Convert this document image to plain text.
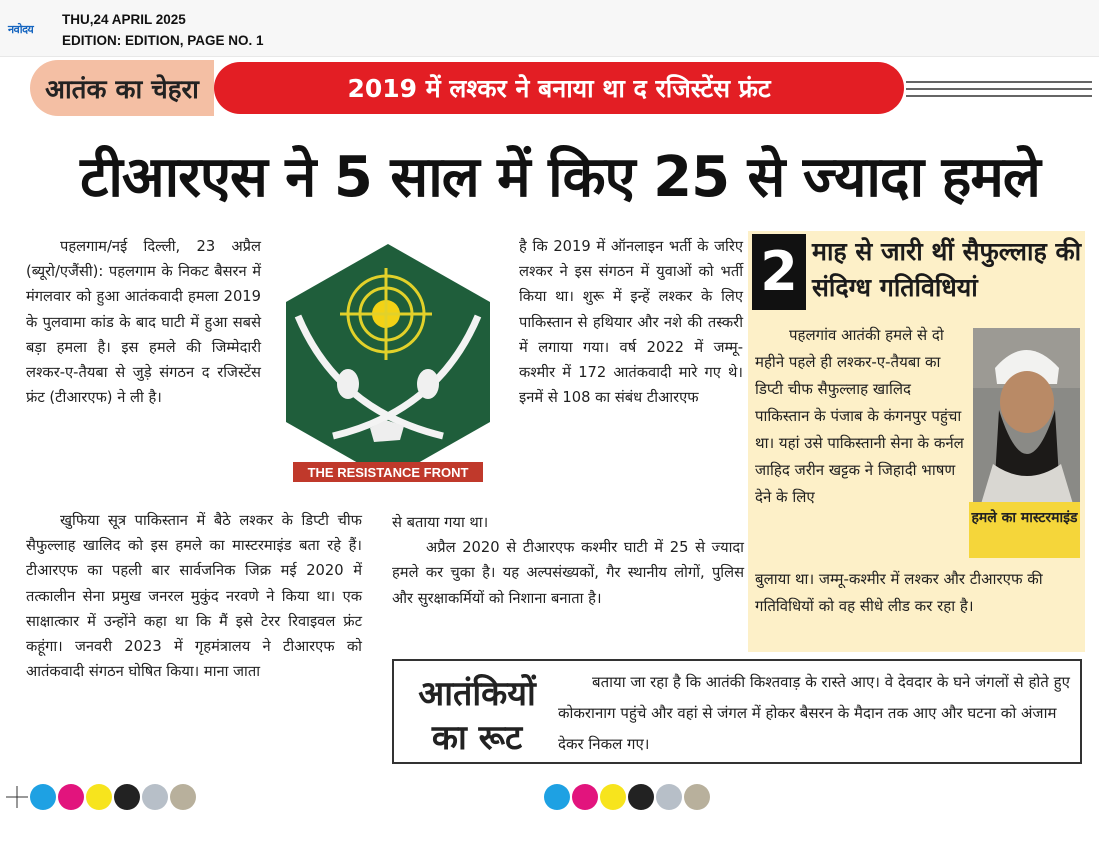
नवोदय
THU,24 APRIL 2025
EDITION: EDITION, PAGE NO. 1
आतंक का चेहरा	2019 में लश्कर ने बनाया था द रजिस्टेंस फ्रंट
टीआरएस ने 5 साल में किए 25 से ज्यादा हमले
पहलगाम/नई दिल्ली, 23 अप्रैल (ब्यूरो/एजैंसी): पहलगाम के निकट बैसरन में मंगलवार को हुआ आतंकवादी हमला 2019 के पुलवामा कांड के बाद घाटी में हुआ सबसे बड़ा हमला है। इस हमले की जिम्मेदारी लश्कर-ए-तैयबा से जुड़े संगठन द रजिस्टेंस फ्रंट (टीआरएफ) ने ली है।
खुफिया सूत्र पाकिस्तान में बैठे लश्कर के डिप्टी चीफ सैफुल्लाह खालिद को इस हमले का मास्टरमाइंड बता रहे हैं। टीआरएफ का पहली बार सार्वजनिक जिक्र मई 2020 में तत्कालीन सेना प्रमुख जनरल मुकुंद नरवणे ने किया था। एक साक्षात्कार में उन्होंने कहा था कि मैं इसे टेरर रिवाइवल फ्रंट कहूंगा। जनवरी 2023 में गृहमंत्रालय ने टीआरएफ को आतंकवादी संगठन घोषित किया। माना जाता
THE RESISTANCE FRONT
है कि 2019 में ऑनलाइन भर्ती के जरिए लश्कर ने इस संगठन में युवाओं को भर्ती किया था। शुरू में इन्हें लश्कर के लिए पाकिस्तान से हथियार और नशे की तस्करी में लगाया गया। वर्ष 2022 में जम्मू-कश्मीर में 172 आतंकवादी मारे गए थे। इनमें से 108 का संबंध टीआरएफ
से बताया गया था।
अप्रैल 2020 से टीआरएफ कश्मीर घाटी में 25 से ज्यादा हमले कर चुका है। यह अल्पसंख्यकों, गैर स्थानीय लोगों, पुलिस और सुरक्षाकर्मियों को निशाना बनाता है।
2 माह से जारी थीं सैफुल्लाह की संदिग्ध गतिविधियां
पहलगांव आतंकी हमले से दो महीने पहले ही लश्कर-ए-तैयबा का डिप्टी चीफ सैफुल्लाह खालिद पाकिस्तान के पंजाब के कंगनपुर पहुंचा था। यहां उसे पाकिस्तानी सेना के कर्नल जाहिद जरीन खट्टक ने जिहादी भाषण देने के लिए
बुलाया था। जम्मू-कश्मीर में लश्कर और टीआरएफ की गतिविधियों को वह सीधे लीड कर रहा है।
हमले का मास्टरमाइंड
आतंकियों का रूट
बताया जा रहा है कि आतंकी किश्तवाड़ के रास्ते आए। वे देवदार के घने जंगलों से होते हुए कोकरानाग पहुंचे और वहां से जंगल में होकर बैसरन के मैदान तक आए और घटना को अंजाम देकर निकल गए।
